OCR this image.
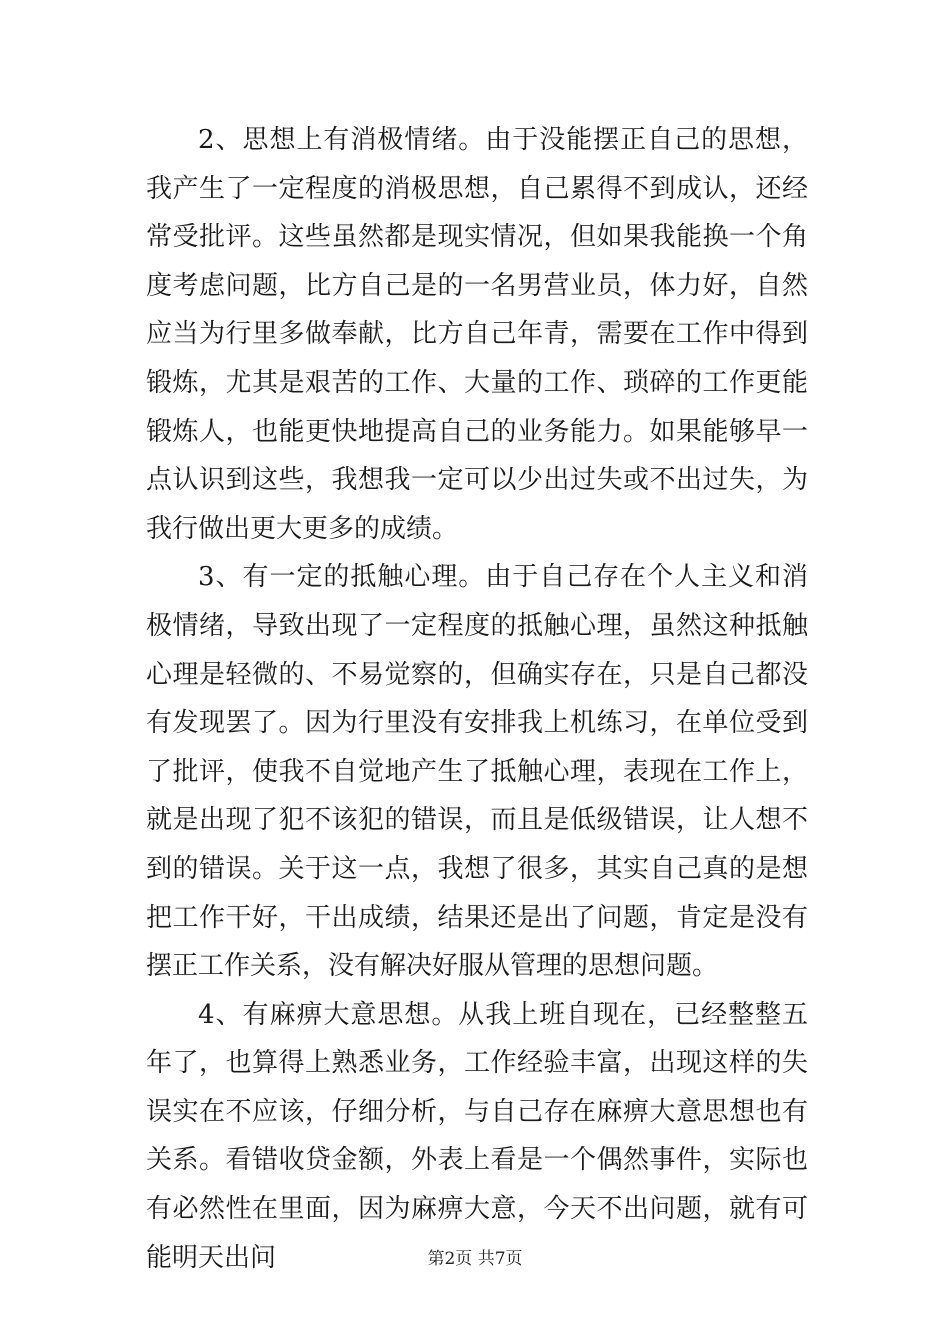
2、思想上有消极情绪。由于没能摆正自己的思想，我产生了一定程度的消极思想，自己累得不到成认，还经常受批评。这些虽然都是现实情况，但如果我能换一个角度考虑问题，比方自己是的一名男营业员，体力好，自然应当为行里多做奉献，比方自己年青，需要在工作中得到锻炼，尤其是艰苦的工作、大量的工作、琐碎的工作更能锻炼人，也能更快地提高自己的业务能力。如果能够早一点认识到这些，我想我一定可以少出过失或不出过失，为我行做出更大更多的成绩。

3、有一定的抵触心理。由于自己存在个人主义和消极情绪，导致出现了一定程度的抵触心理，虽然这种抵触心理是轻微的、不易觉察的，但确实存在，只是自己都没有发现罢了。因为行里没有安排我上机练习，在单位受到了批评，使我不自觉地产生了抵触心理，表现在工作上，就是出现了犯不该犯的错误，而且是低级错误，让人想不到的错误。关于这一点，我想了很多，其实自己真的是想把工作干好，干出成绩，结果还是出了问题，肯定是没有摆正工作关系，没有解决好服从管理的思想问题。

4、有麻痹大意思想。从我上班自现在，已经整整五年了，也算得上熟悉业务，工作经验丰富，出现这样的失误实在不应该，仔细分析，与自己存在麻痹大意思想也有关系。看错收贷金额，外表上看是一个偶然事件，实际也有必然性在里面，因为麻痹大意，今天不出问题，就有可能明天出问	第2页 共7页
